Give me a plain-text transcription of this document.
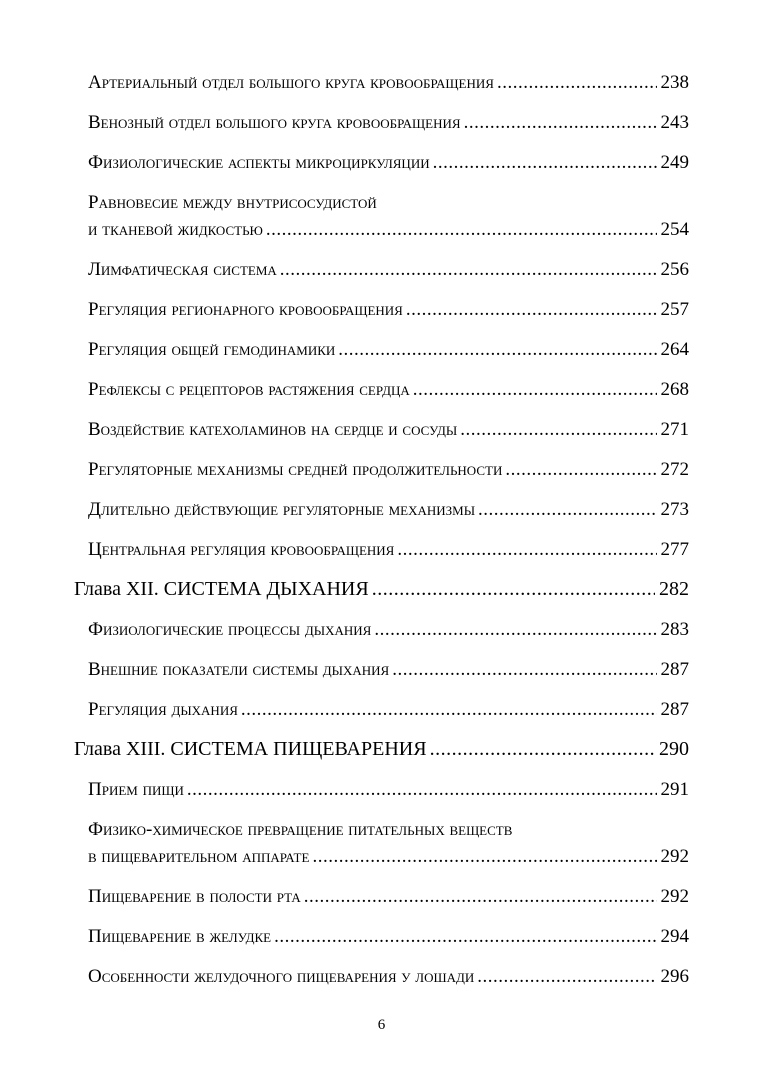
Артериальный отдел большого круга кровообращения .....	238
Венозный отдел большого круга кровообращения .....	243
Физиологические аспекты микроциркуляции .....	249
Равновесие между внутрисосудистой
и тканевой жидкостью .....	254
Лимфатическая система .....	256
Регуляция регионарного кровообращения .....	257
Регуляция общей гемодинамики .....	264
Рефлексы с рецепторов растяжения сердца .....	268
Воздействие катехоламинов на сердце и сосуды .....	271
Регуляторные механизмы средней продолжительности .....	272
Длительно действующие регуляторные механизмы .....	273
Центральная регуляция кровообращения .....	277
Глава XII. СИСТЕМА ДЫХАНИЯ .....	282
Физиологические процессы дыхания .....	283
Внешние показатели системы дыхания .....	287
Регуляция дыхания .....	287
Глава XIII. СИСТЕМА ПИЩЕВАРЕНИЯ .....	290
Прием пищи .....	291
Физико-химическое превращение питательных веществ
в пищеварительном аппарате .....	292
Пищеварение в полости рта .....	292
Пищеварение в желудке .....	294
Особенности желудочного пищеварения у лошади .....	296
6
